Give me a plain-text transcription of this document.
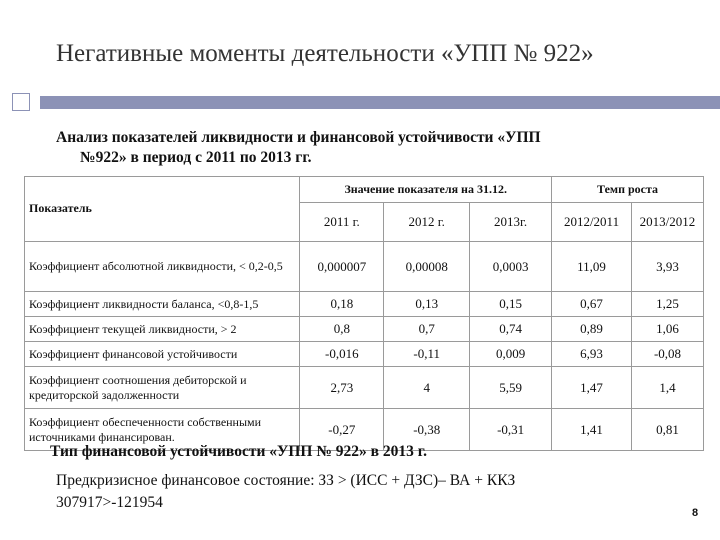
Негативные моменты деятельности «УПП № 922»
Анализ показателей ликвидности и финансовой устойчивости «УПП
№922» в период с 2011 по 2013 гг.
Показатель	Значение показателя на 31.12.			Темп роста	
	2011 г.	2012 г.	2013г.	2012/2011	2013/2012
Коэффициент абсолютной ликвидности, < 0,2-0,5	0,000007	0,00008	0,0003	11,09	3,93
Коэффициент ликвидности баланса, <0,8-1,5	0,18	0,13	0,15	0,67	1,25
Коэффициент текущей ликвидности, > 2	0,8	0,7	0,74	0,89	1,06
Коэффициент финансовой устойчивости	-0,016	-0,11	0,009	6,93	-0,08
Коэффициент соотношения дебиторской и кредиторской задолженности	2,73	4	5,59	1,47	1,4
Коэффициент обеспеченности собственными источниками финансирован.	-0,27	-0,38	-0,31	1,41	0,81
Тип финансовой устойчивости «УПП № 922» в 2013 г.
Предкризисное финансовое состояние: ЗЗ > (ИСС + ДЗС)– ВА + ККЗ
307917>-121954
8
